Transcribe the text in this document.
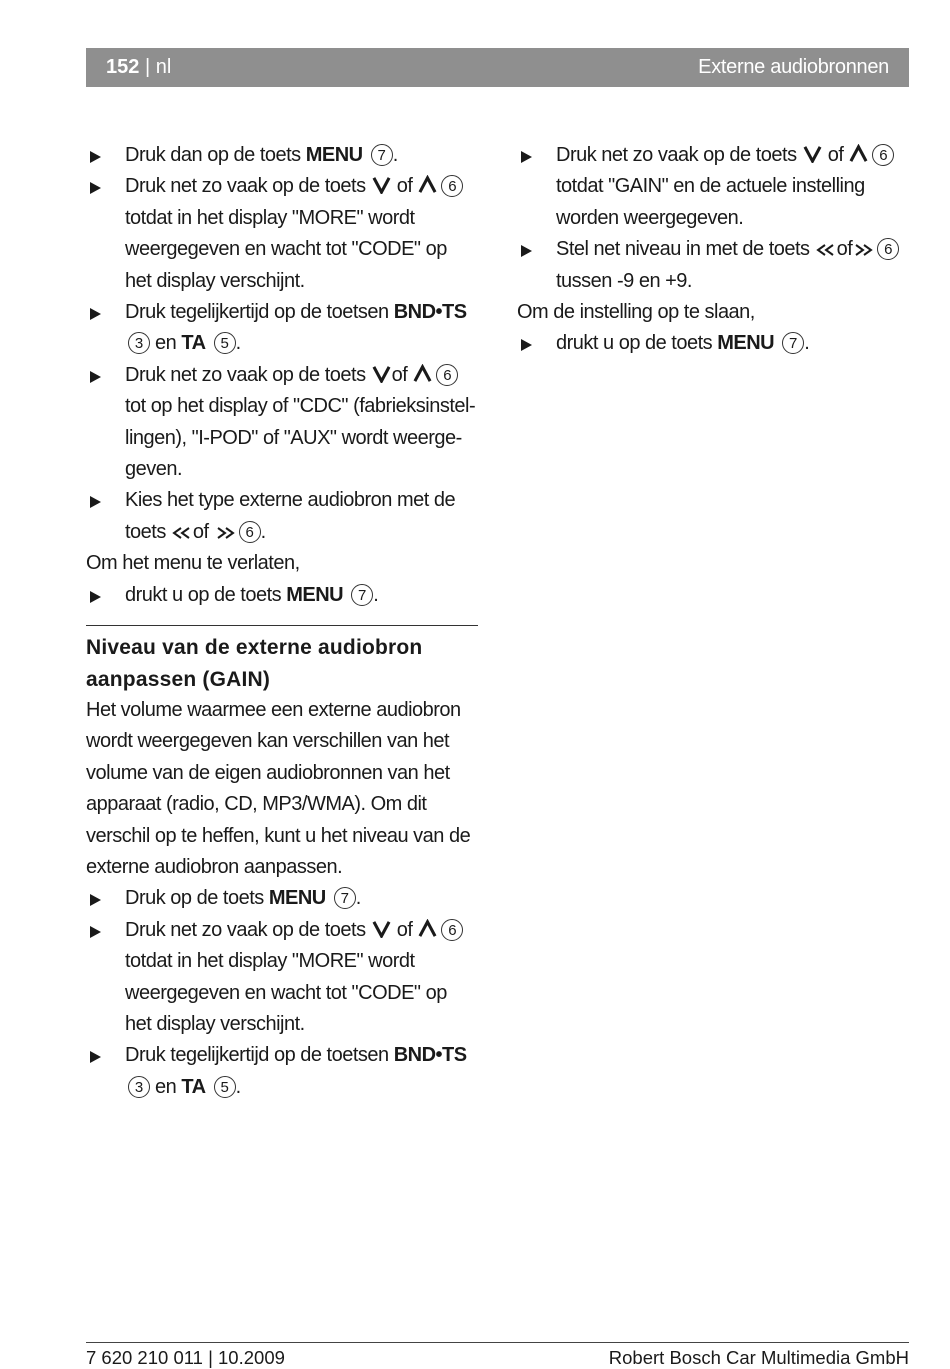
152 | nl	Externe audiobronnen
Druk dan op de toets MENU 7 .
Druk net zo vaak op de toets
of
6 totdat in het display "MORE" wordt weergegeven en wacht tot "CODE" op het display verschijnt.
Druk tegelijkertijd op de toetsen BND•TS 3 en TA 5 .
Druk net zo vaak op de toets
of
6 tot op het display of "CDC" (fabrieksinstel-lingen), "I-POD" of "AUX" wordt weerge-geven.
Kies het type externe audiobron met de toets
of
6 .
Om het menu te verlaten,
drukt u op de toets MENU 7 .
Niveau van de externe audiobron aanpassen (GAIN)
Het volume waarmee een externe audiobron wordt weergegeven kan verschillen van het volume van de eigen audiobronnen van het apparaat (radio, CD, MP3/WMA). Om dit verschil op te heffen, kunt u het niveau van de externe audiobron aanpassen.
Druk op de toets MENU 7 .
Druk net zo vaak op de toets
of
6 totdat in het display "MORE" wordt weergegeven en wacht tot "CODE" op het display verschijnt.
Druk tegelijkertijd op de toetsen BND•TS 3 en TA 5 .
Druk net zo vaak op de toets
of
6 totdat "GAIN" en de actuele instelling worden weergegeven.
Stel net niveau in met de toets
of 6 tussen -9 en +9.
Om de instelling op te slaan,
drukt u op de toets MENU 7 .
7 620 210 011 | 10.2009	Robert Bosch Car Multimedia GmbH
